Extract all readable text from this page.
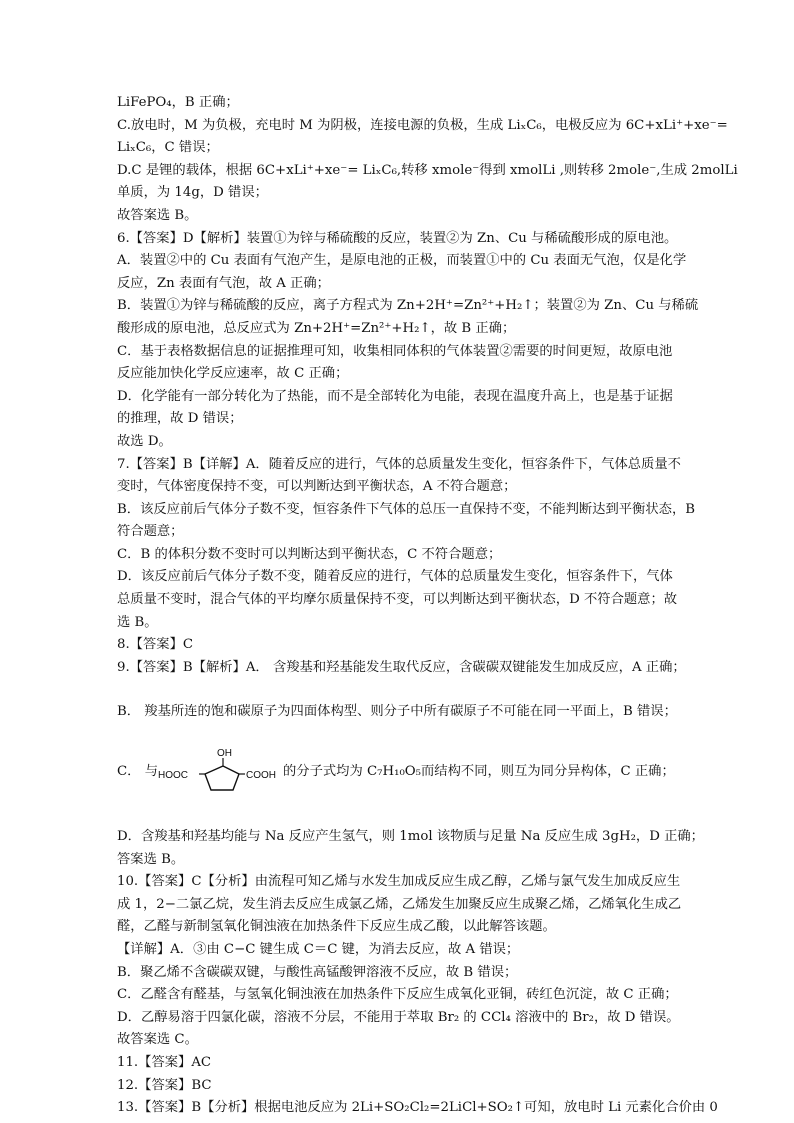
LiFePO₄，B 正确；
C.放电时，M 为负极，充电时 M 为阴极，连接电源的负极，生成 LiₓC₆，电极反应为 6C+xLi⁺+xe⁻=
LiₓC₆，C 错误；
D.C 是锂的载体，根据 6C+xLi⁺+xe⁻= LiₓC₆,转移 xmole⁻得到 xmolLi ,则转移 2mole⁻,生成 2molLi
单质，为 14g，D 错误；
故答案选 B。
6.【答案】D【解析】装置①为锌与稀硫酸的反应，装置②为 Zn、Cu 与稀硫酸形成的原电池。
A．装置②中的 Cu 表面有气泡产生，是原电池的正极，而装置①中的 Cu 表面无气泡，仅是化学
反应，Zn 表面有气泡，故 A 正确；
B．装置①为锌与稀硫酸的反应，离子方程式为 Zn+2H⁺=Zn²⁺+H₂↑；装置②为 Zn、Cu 与稀硫
酸形成的原电池，总反应式为 Zn+2H⁺=Zn²⁺+H₂↑，故 B 正确；
C．基于表格数据信息的证据推理可知，收集相同体积的气体装置②需要的时间更短，故原电池
反应能加快化学反应速率，故 C 正确；
D．化学能有一部分转化为了热能，而不是全部转化为电能，表现在温度升高上，也是基于证据
的推理，故 D 错误；
故选 D。
7.【答案】B【详解】A．随着反应的进行，气体的总质量发生变化，恒容条件下，气体总质量不
变时，气体密度保持不变，可以判断达到平衡状态，A 不符合题意；
B．该反应前后气体分子数不变，恒容条件下气体的总压一直保持不变，不能判断达到平衡状态，B
符合题意；
C．B 的体积分数不变时可以判断达到平衡状态，C 不符合题意；
D．该反应前后气体分子数不变，随着反应的进行，气体的总质量发生变化，恒容条件下，气体
总质量不变时，混合气体的平均摩尔质量保持不变，可以判断达到平衡状态，D 不符合题意；故
选 B。
8.【答案】C
9.【答案】B【解析】A． 含羧基和羟基能发生取代反应，含碳碳双键能发生加成反应，A 正确；
B． 羧基所连的饱和碳原子为四面体构型、则分子中所有碳原子不可能在同一平面上，B 错误；
C． 与
OH
HOOC	COOH 的分子式均为 C₇H₁₀O₅而结构不同，则互为同分异构体，C 正确；
D．含羧基和羟基均能与 Na 反应产生氢气，则 1mol 该物质与足量 Na 反应生成 3gH₂，D 正确；
答案选 B。
10.【答案】C【分析】由流程可知乙烯与水发生加成反应生成乙醇，乙烯与氯气发生加成反应生
成 1，2−二氯乙烷，发生消去反应生成氯乙烯，乙烯发生加聚反应生成聚乙烯，乙烯氧化生成乙
醛，乙醛与新制氢氧化铜浊液在加热条件下反应生成乙酸，以此解答该题。
【详解】A．③由 C−C 键生成 C＝C 键，为消去反应，故 A 错误；
B．聚乙烯不含碳碳双键，与酸性高锰酸钾溶液不反应，故 B 错误；
C．乙醛含有醛基，与氢氧化铜浊液在加热条件下反应生成氧化亚铜，砖红色沉淀，故 C 正确；
D．乙醇易溶于四氯化碳，溶液不分层，不能用于萃取 Br₂ 的 CCl₄ 溶液中的 Br₂，故 D 错误。
故答案选 C。
11.【答案】AC
12.【答案】BC
13.【答案】B【分析】根据电池反应为 2Li+SO₂Cl₂=2LiCl+SO₂↑可知，放电时 Li 元素化合价由 0
